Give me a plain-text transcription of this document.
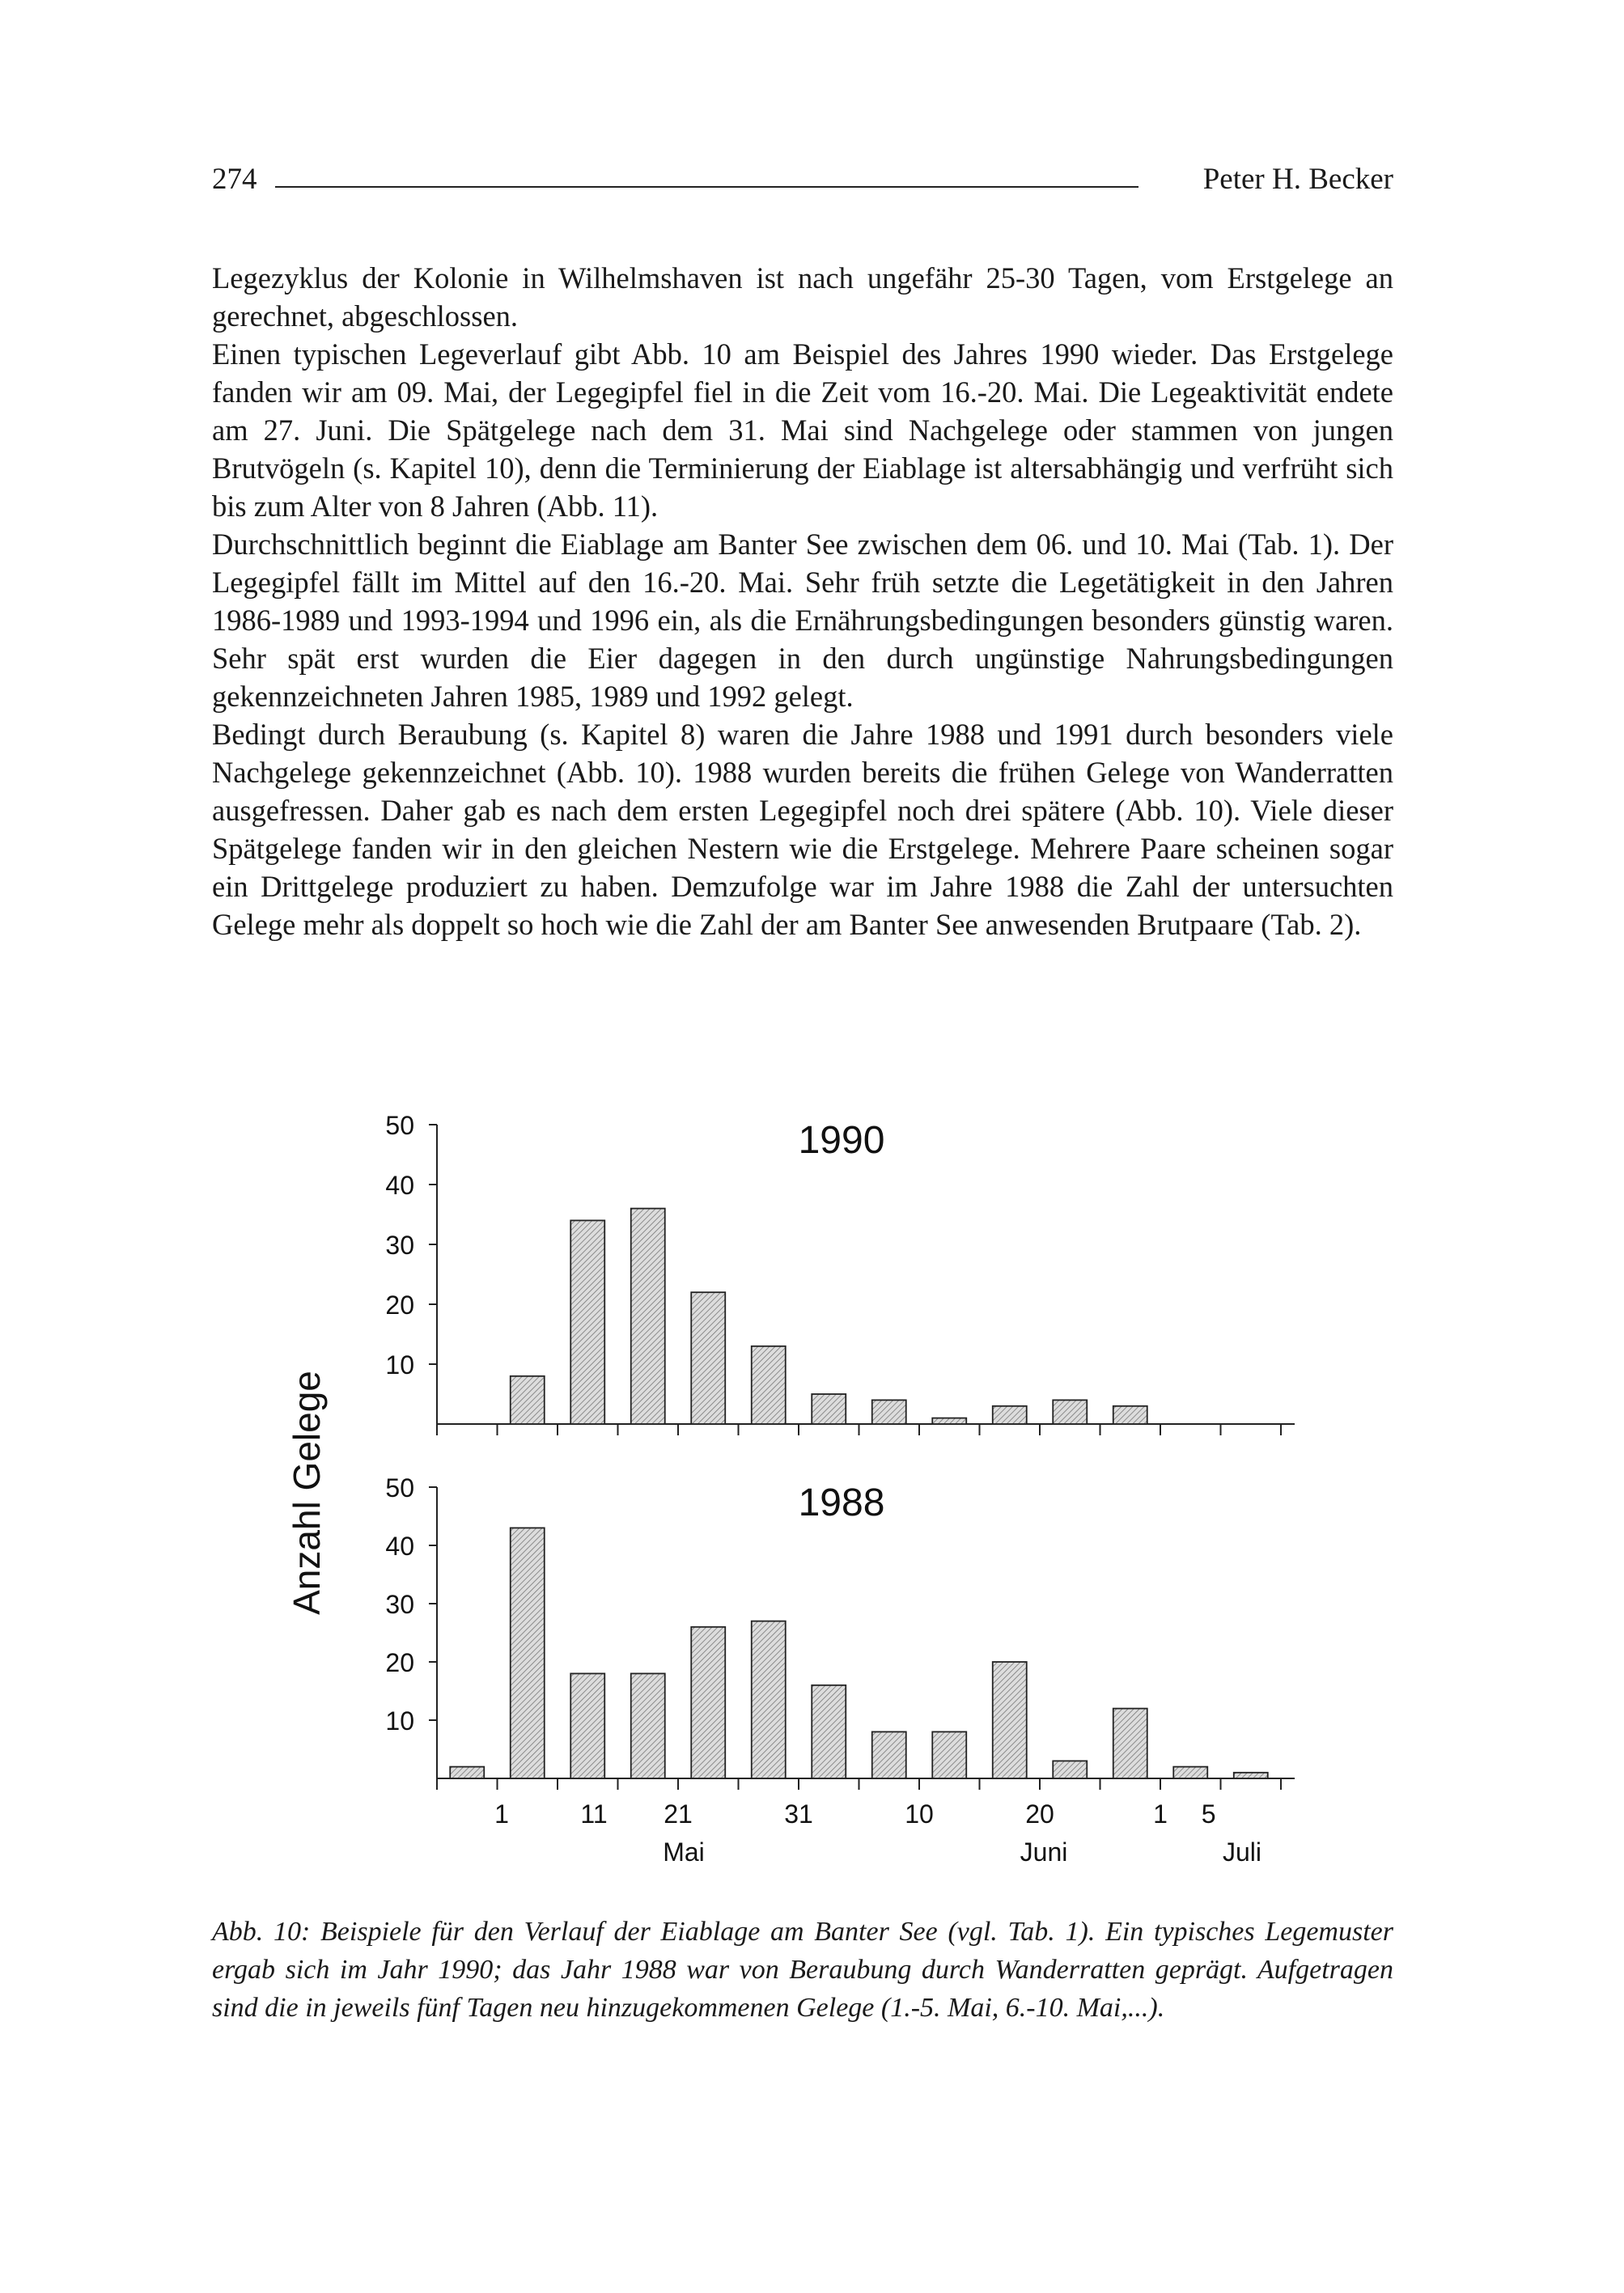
274	Peter H. Becker

Legezyklus der Kolonie in Wilhelmshaven ist nach ungefähr 25-30 Tagen, vom Erstgelege an gerechnet, abgeschlossen.

Einen typischen Legeverlauf gibt Abb. 10 am Beispiel des Jahres 1990 wieder. Das Erstgelege fanden wir am 09. Mai, der Legegipfel fiel in die Zeit vom 16.-20. Mai. Die Legeaktivität endete am 27. Juni. Die Spätgelege nach dem 31. Mai sind Nachgelege oder stammen von jungen Brutvögeln (s. Kapitel 10), denn die Terminierung der Eiablage ist altersabhängig und verfrüht sich bis zum Alter von 8 Jahren (Abb. 11).

Durchschnittlich beginnt die Eiablage am Banter See zwischen dem 06. und 10. Mai (Tab. 1). Der Legegipfel fällt im Mittel auf den 16.-20. Mai. Sehr früh setzte die Legetätigkeit in den Jahren 1986-1989 und 1993-1994 und 1996 ein, als die Ernährungsbedingungen besonders günstig waren. Sehr spät erst wurden die Eier dagegen in den durch ungünstige Nahrungsbedingungen gekennzeichneten Jahren 1985, 1989 und 1992 gelegt.

Bedingt durch Beraubung (s. Kapitel 8) waren die Jahre 1988 und 1991 durch besonders viele Nachgelege gekennzeichnet (Abb. 10). 1988 wurden bereits die frühen Gelege von Wanderratten ausgefressen. Daher gab es nach dem ersten Legegipfel noch drei spätere (Abb. 10). Viele dieser Spätgelege fanden wir in den gleichen Nestern wie die Erstgelege. Mehrere Paare scheinen sogar ein Drittgelege produziert zu haben. Demzufolge war im Jahre 1988 die Zahl der untersuchten Gelege mehr als doppelt so hoch wie die Zahl der am Banter See anwesenden Brutpaare (Tab. 2).

Anzahl Gelege
10
20
30
40
50	1990
10
20
30
40
50	1988
1	11 21	31	10	20	1 5
Mai	Juni	Juli

Abb. 10: Beispiele für den Verlauf der Eiablage am Banter See (vgl. Tab. 1). Ein typisches Legemuster ergab sich im Jahr 1990; das Jahr 1988 war von Beraubung durch Wanderratten geprägt. Aufgetragen sind die in jeweils fünf Tagen neu hinzugekommenen Gelege (1.-5. Mai, 6.-10. Mai,...).
